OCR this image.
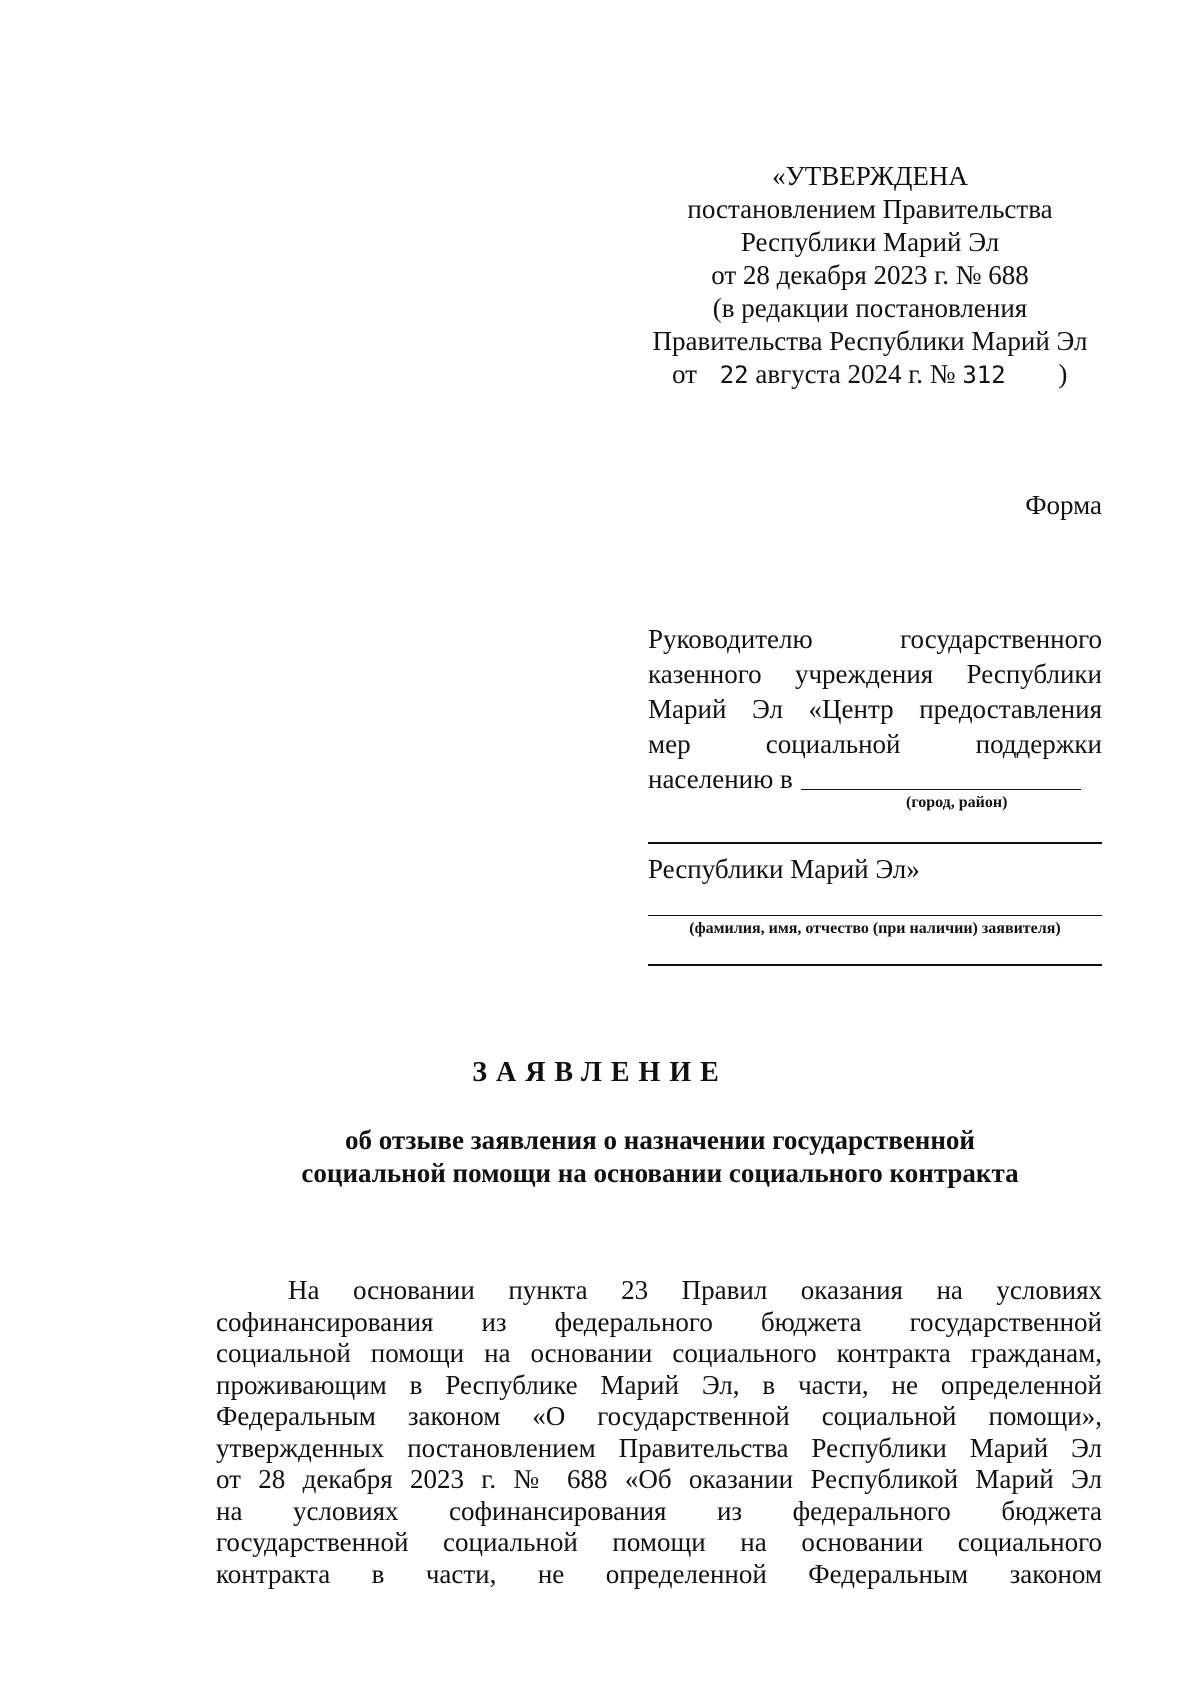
«УТВЕРЖДЕНА
постановлением Правительства
Республики Марий Эл
от 28 декабря 2023 г. № 688
(в редакции постановления
Правительства Республики Марий Эл
от 22 августа 2024 г. № 312 )
Форма
Руководителю государственного
казенного учреждения Республики
Марий Эл «Центр предоставления
мер социальной поддержки
населению в
(город, район)
Республики Марий Эл»
(фамилия, имя, отчество (при наличии) заявителя)
ЗАЯВЛЕНИЕ
об отзыве заявления о назначении государственной
социальной помощи на основании социального контракта
На основании пункта 23 Правил оказания на условиях
софинансирования из федерального бюджета государственной
социальной помощи на основании социального контракта гражданам,
проживающим в Республике Марий Эл, в части, не определенной
Федеральным законом «О государственной социальной помощи»,
утвержденных постановлением Правительства Республики Марий Эл
от 28 декабря 2023 г. № 688 «Об оказании Республикой Марий Эл
на условиях софинансирования из федерального бюджета
государственной социальной помощи на основании социального
контракта в части, не определенной Федеральным законом
